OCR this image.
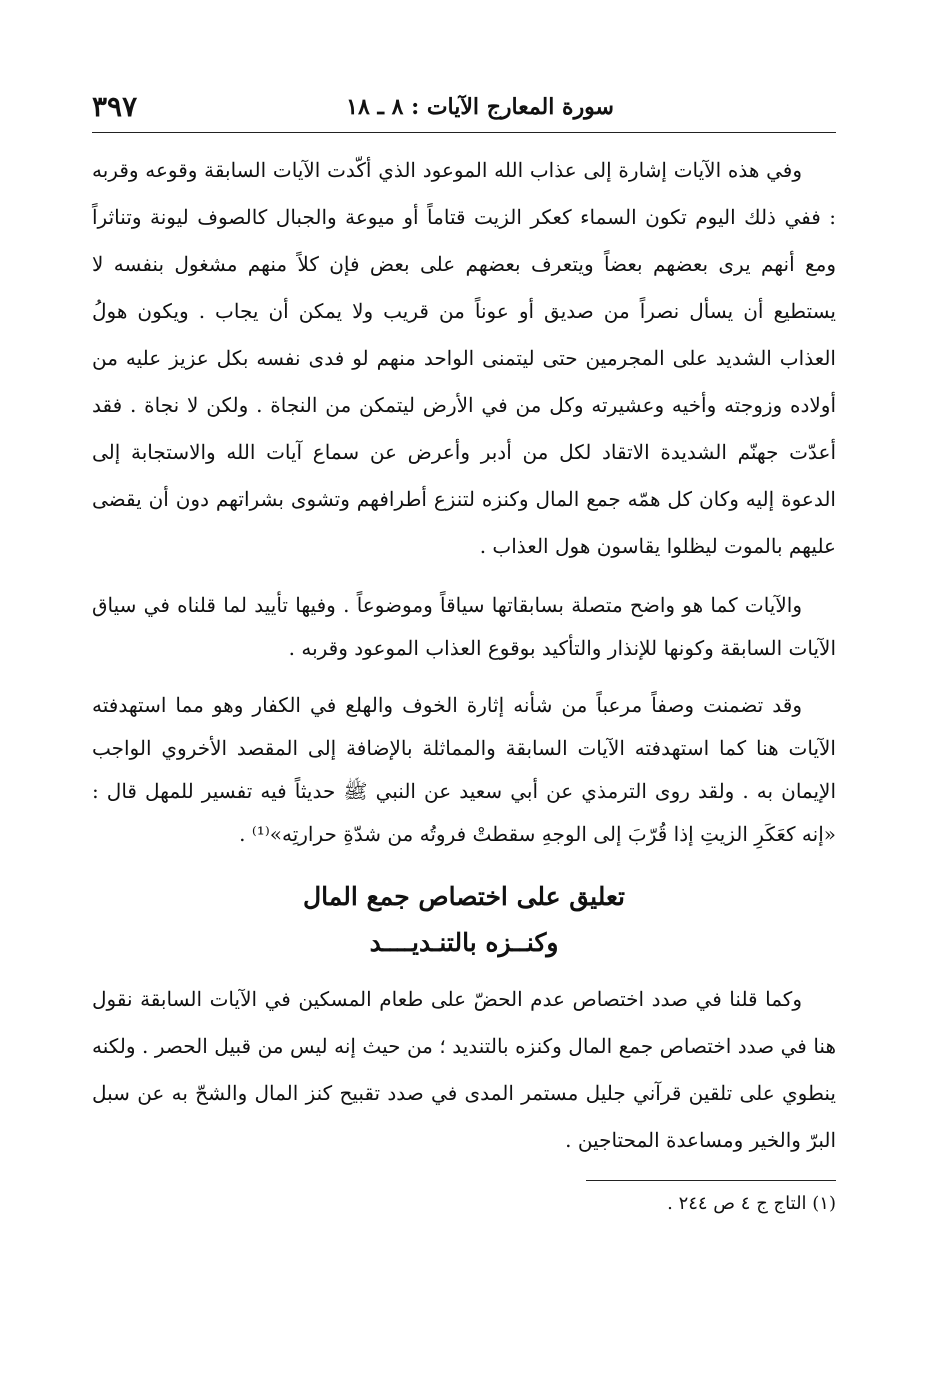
سورة المعارج الآيات : ٨ ـ ١٨
٣٩٧

وفي هذه الآيات إشارة إلى عذاب الله الموعود الذي أكّدت الآيات السابقة وقوعه وقربه : ففي ذلك اليوم تكون السماء كعكر الزيت قتاماً أو ميوعة والجبال كالصوف ليونة وتناثراً ومع أنهم يرى بعضهم بعضاً ويتعرف بعضهم على بعض فإن كلاً منهم مشغول بنفسه لا يستطيع أن يسأل نصراً من صديق أو عوناً من قريب ولا يمكن أن يجاب . ويكون هولُ العذاب الشديد على المجرمين حتى ليتمنى الواحد منهم لو فدى نفسه بكل عزيز عليه من أولاده وزوجته وأخيه وعشيرته وكل من في الأرض ليتمكن من النجاة . ولكن لا نجاة . فقد أعدّت جهنّم الشديدة الاتقاد لكل من أدبر وأعرض عن سماع آيات الله والاستجابة إلى الدعوة إليه وكان كل همّه جمع المال وكنزه لتنزع أطرافهم وتشوى بشراتهم دون أن يقضى عليهم بالموت ليظلوا يقاسون هول العذاب .

والآيات كما هو واضح متصلة بسابقاتها سياقاً وموضوعاً . وفيها تأييد لما قلناه في سياق الآيات السابقة وكونها للإنذار والتأكيد بوقوع العذاب الموعود وقربه .

وقد تضمنت وصفاً مرعباً من شأنه إثارة الخوف والهلع في الكفار وهو مما استهدفته الآيات هنا كما استهدفته الآيات السابقة والمماثلة بالإضافة إلى المقصد الأخروي الواجب الإيمان به . ولقد روى الترمذي عن أبي سعيد عن النبي ﷺ حديثاً فيه تفسير للمهل قال : «إنه كعَكَرِ الزيتِ إذا قُرّبَ إلى الوجهِ سقطتْ فروتُه من شدّةِ حرارتِه»⁽¹⁾ .

تعليق على اختصاص جمع المال
وكنــزه بالتنـديــــد

وكما قلنا في صدد اختصاص عدم الحضّ على طعام المسكين في الآيات السابقة نقول هنا في صدد اختصاص جمع المال وكنزه بالتنديد ؛ من حيث إنه ليس من قبيل الحصر . ولكنه ينطوي على تلقين قرآني جليل مستمر المدى في صدد تقبيح كنز المال والشحّ به عن سبل البرّ والخير ومساعدة المحتاجين .

(١) التاج ج ٤ ص ٢٤٤ .
